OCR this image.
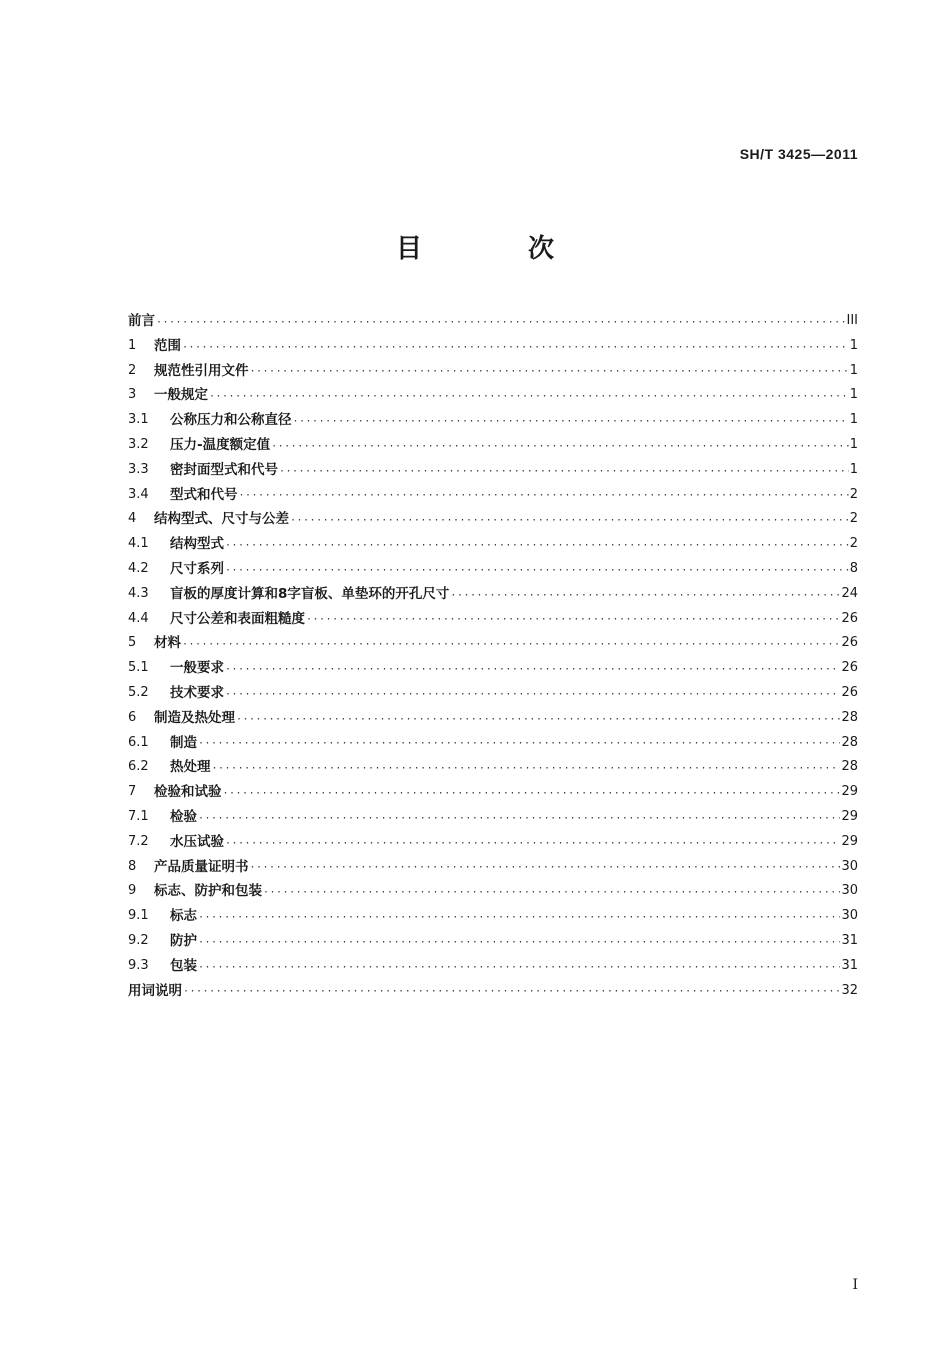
SH/T 3425—2011
目　次
前言 ·····	III
1	范围 ·····	1
2	规范性引用文件 ·····	1
3	一般规定 ·····	1
3.1	公称压力和公称直径 ·····	1
3.2	压力-温度额定值 ·····	1
3.3	密封面型式和代号 ·····	1
3.4	型式和代号 ·····	2
4	结构型式、尺寸与公差 ·····	2
4.1	结构型式 ·····	2
4.2	尺寸系列 ·····	8
4.3	盲板的厚度计算和8字盲板、单垫环的开孔尺寸 ·····	24
4.4	尺寸公差和表面粗糙度 ·····	26
5	材料 ·····	26
5.1	一般要求 ·····	26
5.2	技术要求 ·····	26
6	制造及热处理 ·····	28
6.1	制造 ·····	28
6.2	热处理 ·····	28
7	检验和试验 ·····	29
7.1	检验 ·····	29
7.2	水压试验 ·····	29
8	产品质量证明书 ·····	30
9	标志、防护和包装 ·····	30
9.1	标志 ·····	30
9.2	防护 ·····	31
9.3	包装 ·····	31
用词说明 ·····	32
I
